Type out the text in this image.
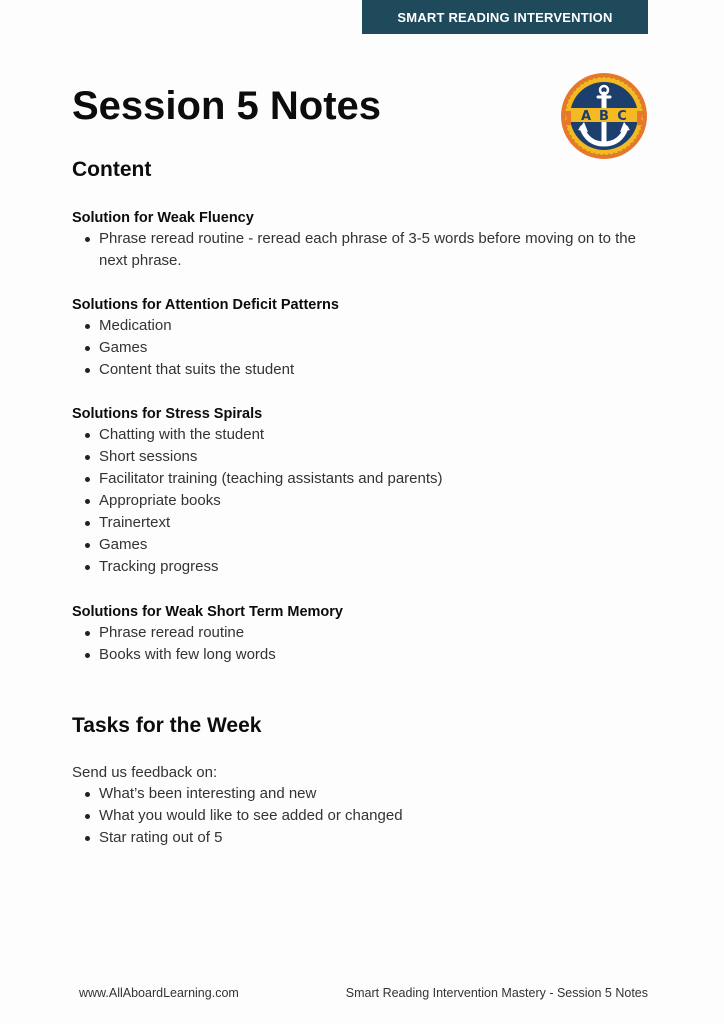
SMART READING INTERVENTION
Session 5 Notes	A B C
Content
Solution for Weak Fluency
Phrase reread routine - reread each phrase of 3-5 words before moving on to the next phrase.
Solutions for Attention Deficit Patterns
Medication
Games
Content that suits the student
Solutions for Stress Spirals
Chatting with the student
Short sessions
Facilitator training (teaching assistants and parents)
Appropriate books
Trainertext
Games
Tracking progress
Solutions for Weak Short Term Memory
Phrase reread routine
Books with few long words
Tasks for the Week

Send us feedback on:

What’s been interesting and new
What you would like to see added or changed
Star rating out of 5
www.AllAboardLearning.com	Smart Reading Intervention Mastery - Session 5 Notes
